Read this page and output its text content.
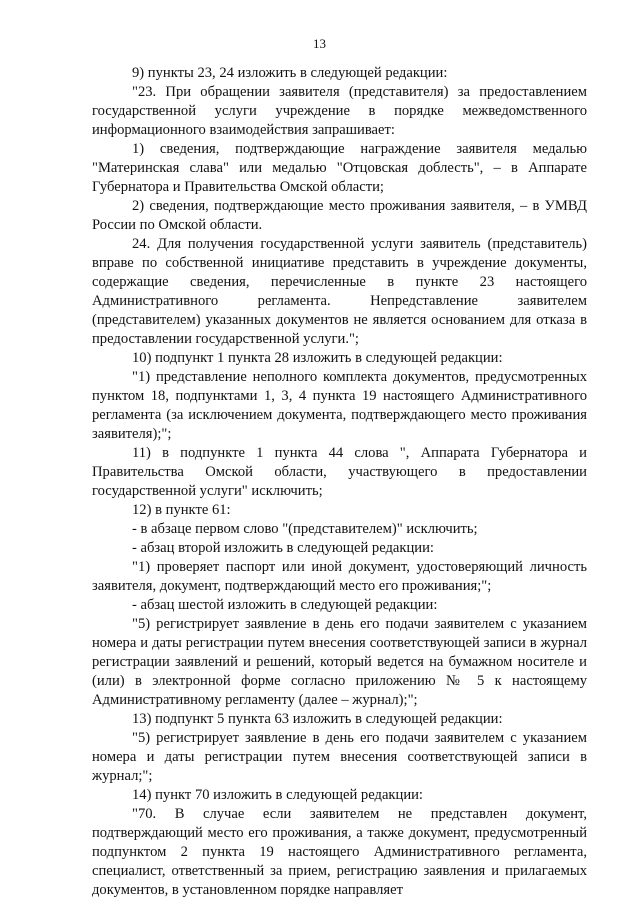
13

9) пункты 23, 24 изложить в следующей редакции:

"23. При обращении заявителя (представителя) за предоставлением государственной услуги учреждение в порядке межведомственного информационного взаимодействия запрашивает:

1) сведения, подтверждающие награждение заявителя медалью "Материнская слава" или медалью "Отцовская доблесть", – в Аппарате Губернатора и Правительства Омской области;

2) сведения, подтверждающие место проживания заявителя, – в УМВД России по Омской области.

24. Для получения государственной услуги заявитель (представитель) вправе по собственной инициативе представить в учреждение документы, содержащие сведения, перечисленные в пункте 23 настоящего Административного регламента. Непредставление заявителем (представителем) указанных документов не является основанием для отказа в предоставлении государственной услуги.";

10) подпункт 1 пункта 28 изложить в следующей редакции:

"1) представление неполного комплекта документов, предусмотренных пунктом 18, подпунктами 1, 3, 4 пункта 19 настоящего Административного регламента (за исключением документа, подтверждающего место проживания заявителя);";

11) в подпункте 1 пункта 44 слова ", Аппарата Губернатора и Правительства Омской области, участвующего в предоставлении государственной услуги" исключить;

12) в пункте 61:

- в абзаце первом слово "(представителем)" исключить;

- абзац второй изложить в следующей редакции:

"1) проверяет паспорт или иной документ, удостоверяющий личность заявителя, документ, подтверждающий место его проживания;";

- абзац шестой изложить в следующей редакции:

"5) регистрирует заявление в день его подачи заявителем с указанием номера и даты регистрации путем внесения соответствующей записи в журнал регистрации заявлений и решений, который ведется на бумажном носителе и (или) в электронной форме согласно приложению № 5 к настоящему Административному регламенту (далее – журнал);";

13) подпункт 5 пункта 63 изложить в следующей редакции:

"5) регистрирует заявление в день его подачи заявителем с указанием номера и даты регистрации путем внесения соответствующей записи в журнал;";

14) пункт 70 изложить в следующей редакции:

"70. В случае если заявителем не представлен документ, подтверждающий место его проживания, а также документ, предусмотренный подпунктом 2 пункта 19 настоящего Административного регламента, специалист, ответственный за прием, регистрацию заявления и прилагаемых документов, в установленном порядке направляет
